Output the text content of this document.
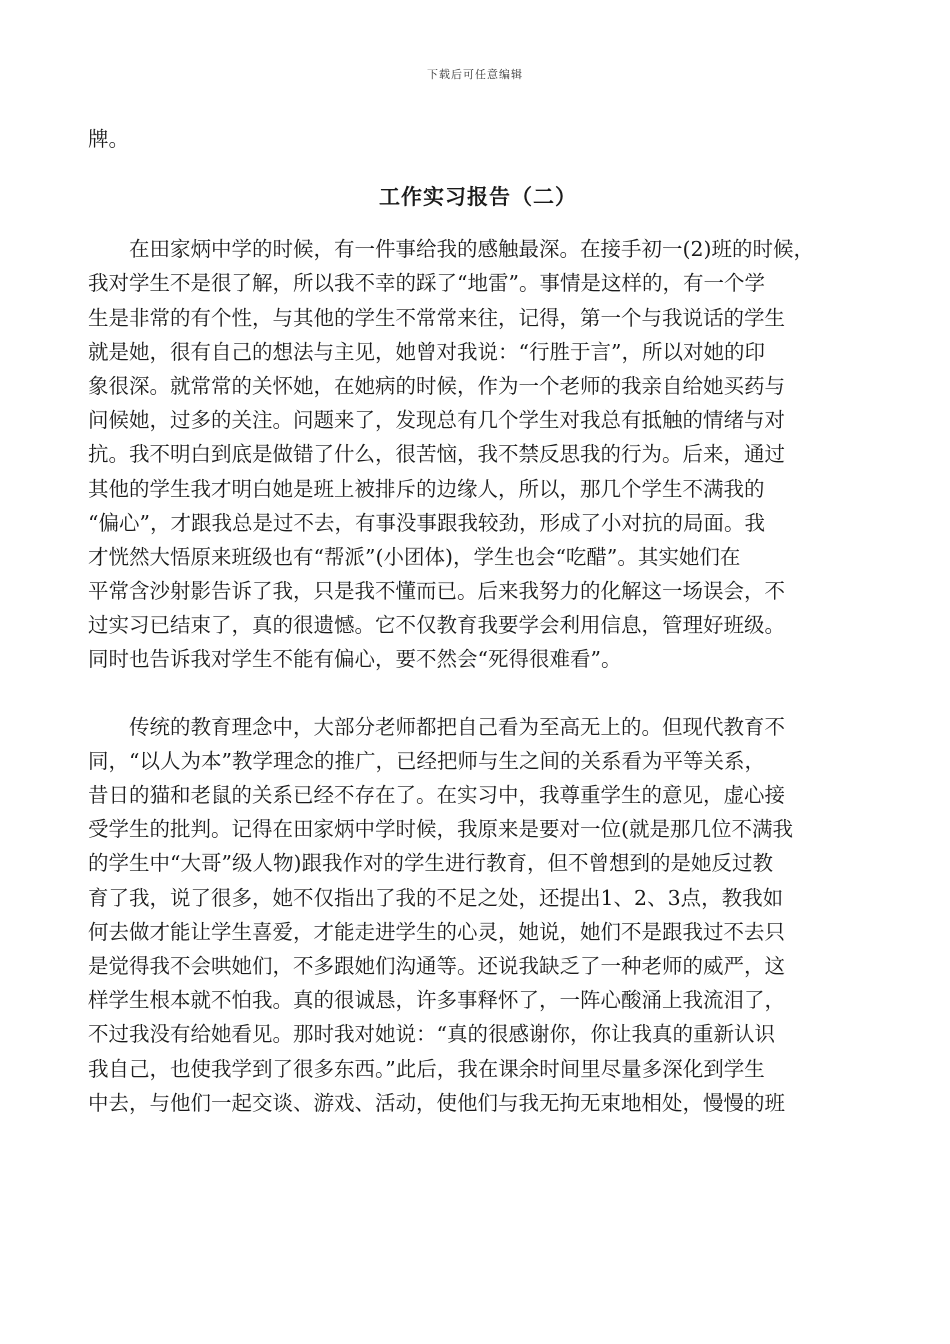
下载后可任意编辑
牌。
工作实习报告（二）
　　在田家炳中学的时候，有一件事给我的感触最深。在接手初一(2)班的时候，
我对学生不是很了解，所以我不幸的踩了“地雷”。事情是这样的，有一个学
生是非常的有个性，与其他的学生不常常来往，记得，第一个与我说话的学生
就是她，很有自己的想法与主见，她曾对我说：“行胜于言”，所以对她的印
象很深。就常常的关怀她，在她病的时候，作为一个老师的我亲自给她买药与
问候她，过多的关注。问题来了，发现总有几个学生对我总有抵触的情绪与对
抗。我不明白到底是做错了什么，很苦恼，我不禁反思我的行为。后来，通过
其他的学生我才明白她是班上被排斥的边缘人，所以，那几个学生不满我的
“偏心”，才跟我总是过不去，有事没事跟我较劲，形成了小对抗的局面。我
才恍然大悟原来班级也有“帮派”(小团体)，学生也会“吃醋”。其实她们在
平常含沙射影告诉了我，只是我不懂而已。后来我努力的化解这一场误会，不
过实习已结束了，真的很遗憾。它不仅教育我要学会利用信息，管理好班级。
同时也告诉我对学生不能有偏心，要不然会“死得很难看”。
　　传统的教育理念中，大部分老师都把自己看为至高无上的。但现代教育不
同，“以人为本”教学理念的推广，已经把师与生之间的关系看为平等关系，
昔日的猫和老鼠的关系已经不存在了。在实习中，我尊重学生的意见，虚心接
受学生的批判。记得在田家炳中学时候，我原来是要对一位(就是那几位不满我
的学生中“大哥”级人物)跟我作对的学生进行教育，但不曾想到的是她反过教
育了我，说了很多，她不仅指出了我的不足之处，还提出1、2、3点，教我如
何去做才能让学生喜爱，才能走进学生的心灵，她说，她们不是跟我过不去只
是觉得我不会哄她们，不多跟她们沟通等。还说我缺乏了一种老师的威严，这
样学生根本就不怕我。真的很诚恳，许多事释怀了，一阵心酸涌上我流泪了，
不过我没有给她看见。那时我对她说：“真的很感谢你，你让我真的重新认识
我自己，也使我学到了很多东西。”此后，我在课余时间里尽量多深化到学生
中去，与他们一起交谈、游戏、活动，使他们与我无拘无束地相处，慢慢的班
